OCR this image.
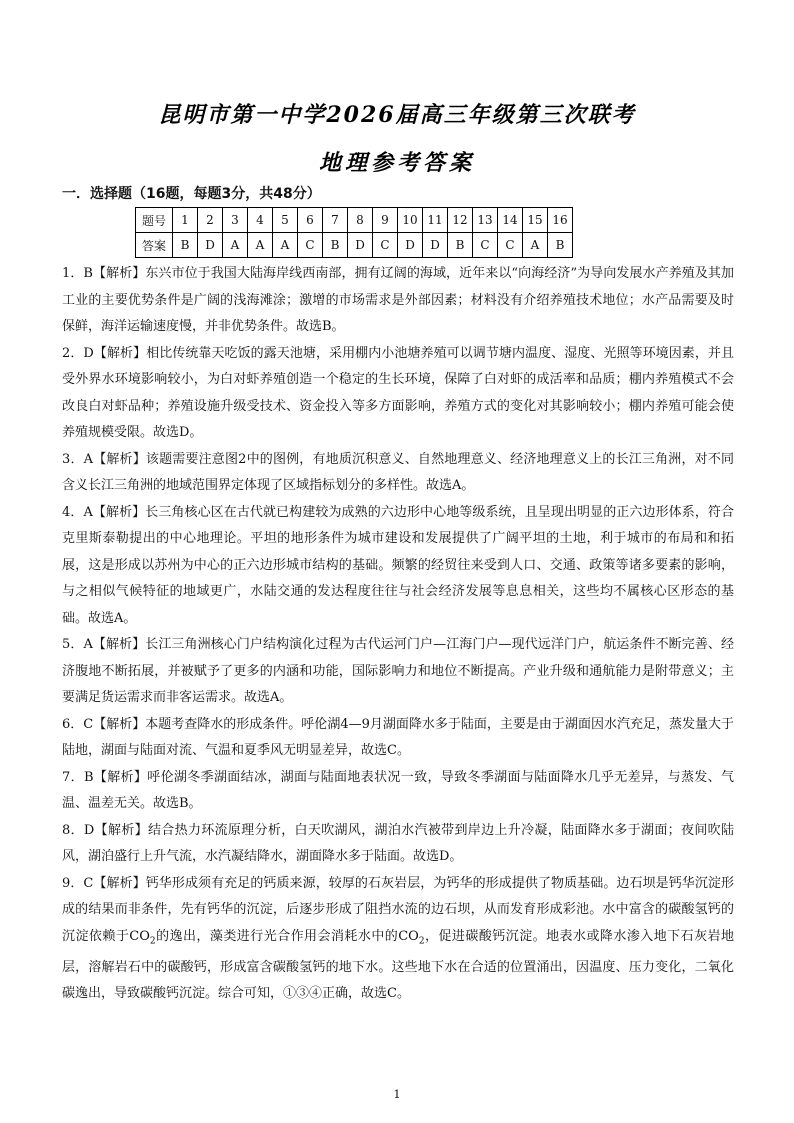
昆明市第一中学2026届高三年级第三次联考
地理参考答案
一．选择题（16题，每题3分，共48分）
题号	1	2	3	4	5	6	7	8	9	10	11	12	13	14	15	16
答案	B	D	A	A	A	C	B	D	C	D	D	B	C	C	A	B

1．B【解析】东兴市位于我国大陆海岸线西南部，拥有辽阔的海域，近年来以“向海经济”为导向发展水产养殖及其加工业的主要优势条件是广阔的浅海滩涂；激增的市场需求是外部因素；材料没有介绍养殖技术地位；水产品需要及时保鲜，海洋运输速度慢，并非优势条件。故选B。

2．D【解析】相比传统靠天吃饭的露天池塘，采用棚内小池塘养殖可以调节塘内温度、湿度、光照等环境因素，并且受外界水环境影响较小，为白对虾养殖创造一个稳定的生长环境，保障了白对虾的成活率和品质；棚内养殖模式不会改良白对虾品种；养殖设施升级受技术、资金投入等多方面影响，养殖方式的变化对其影响较小；棚内养殖可能会使养殖规模受限。故选D。

3．A【解析】该题需要注意图2中的图例，有地质沉积意义、自然地理意义、经济地理意义上的长江三角洲，对不同含义长江三角洲的地域范围界定体现了区域指标划分的多样性。故选A。

4．A【解析】长三角核心区在古代就已构建较为成熟的六边形中心地等级系统，且呈现出明显的正六边形体系，符合克里斯泰勒提出的中心地理论。平坦的地形条件为城市建设和发展提供了广阔平坦的土地，利于城市的布局和和拓展，这是形成以苏州为中心的正六边形城市结构的基础。频繁的经贸往来受到人口、交通、政策等诸多要素的影响，与之相似气候特征的地域更广，水陆交通的发达程度往往与社会经济发展等息息相关，这些均不属核心区形态的基础。故选A。

5．A【解析】长江三角洲核心门户结构演化过程为古代运河门户—江海门户—现代远洋门户，航运条件不断完善、经济腹地不断拓展，并被赋予了更多的内涵和功能，国际影响力和地位不断提高。产业升级和通航能力是附带意义；主要满足货运需求而非客运需求。故选A。

6．C【解析】本题考查降水的形成条件。呼伦湖4—9月湖面降水多于陆面，主要是由于湖面因水汽充足，蒸发量大于陆地，湖面与陆面对流、气温和夏季风无明显差异，故选C。

7．B【解析】呼伦湖冬季湖面结冰，湖面与陆面地表状况一致，导致冬季湖面与陆面降水几乎无差异，与蒸发、气温、温差无关。故选B。

8．D【解析】结合热力环流原理分析，白天吹湖风，湖泊水汽被带到岸边上升冷凝，陆面降水多于湖面；夜间吹陆风，湖泊盛行上升气流，水汽凝结降水，湖面降水多于陆面。故选D。

9．C【解析】钙华形成须有充足的钙质来源，较厚的石灰岩层，为钙华的形成提供了物质基础。边石坝是钙华沉淀形成的结果而非条件，先有钙华的沉淀，后逐步形成了阻挡水流的边石坝，从而发育形成彩池。水中富含的碳酸氢钙的沉淀依赖于$CO_2$的逸出，藻类进行光合作用会消耗水中的$CO_2$，促进碳酸钙沉淀。地表水或降水渗入地下石灰岩地层，溶解岩石中的碳酸钙，形成富含碳酸氢钙的地下水。这些地下水在合适的位置涌出，因温度、压力变化，二氧化碳逸出，导致碳酸钙沉淀。综合可知，①③④正确，故选C。

1
